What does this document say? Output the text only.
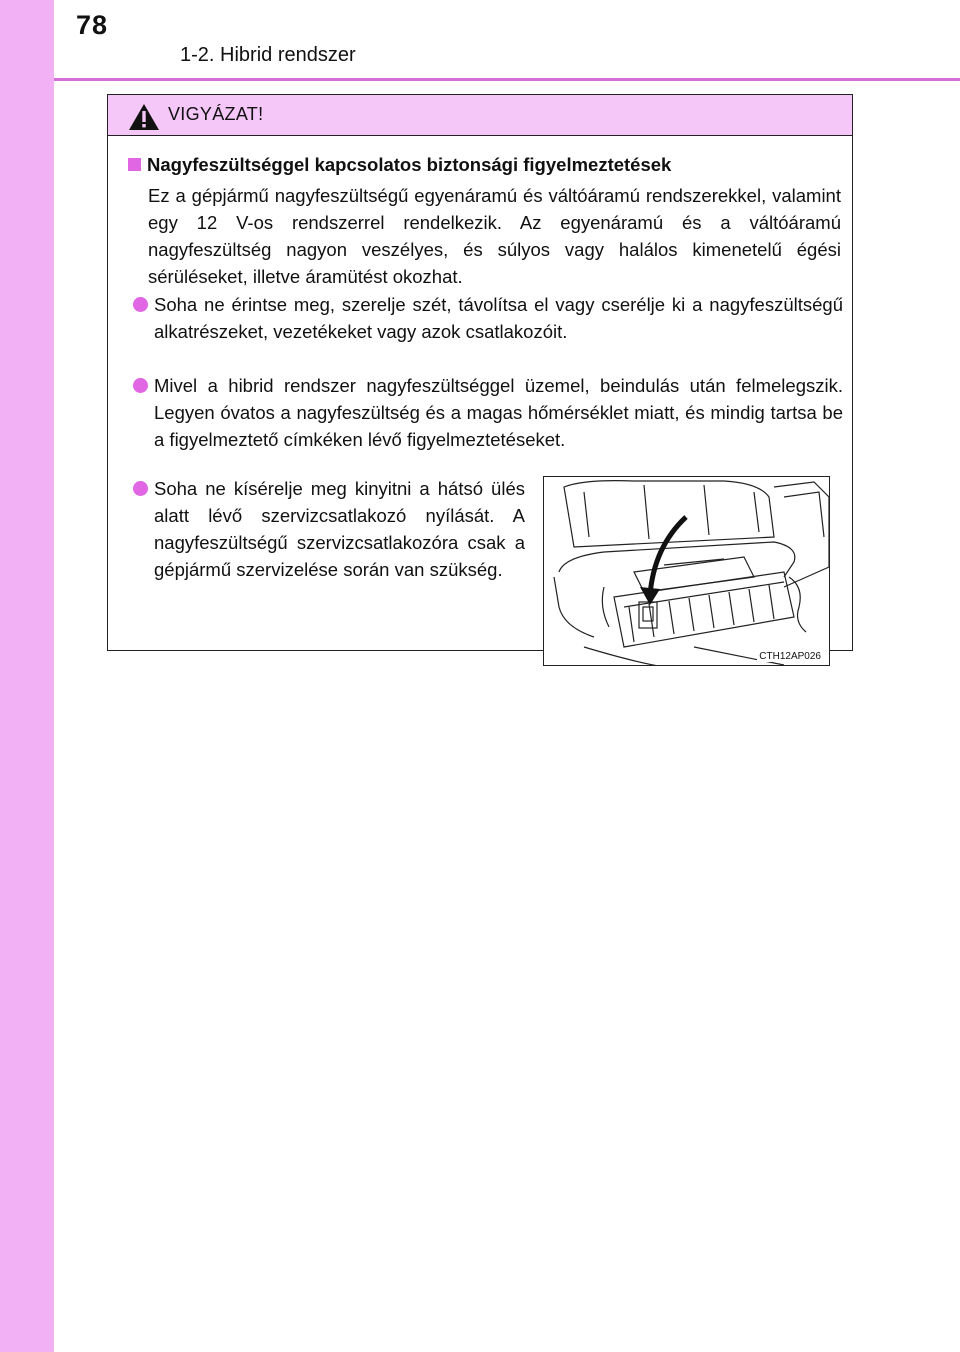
78
1-2. Hibrid rendszer
VIGYÁZAT!
Nagyfeszültséggel kapcsolatos biztonsági figyelmeztetések
Ez a gépjármű nagyfeszültségű egyenáramú és váltóáramú rendszerekkel, valamint egy 12 V-os rendszerrel rendelkezik. Az egyenáramú és a váltóáramú nagyfeszültség nagyon veszélyes, és súlyos vagy halálos kimenetelű égési sérüléseket, illetve áramütést okozhat.
Soha ne érintse meg, szerelje szét, távolítsa el vagy cserélje ki a nagyfeszültségű alkatrészeket, vezetékeket vagy azok csatlakozóit.
Mivel a hibrid rendszer nagyfeszültséggel üzemel, beindulás után felmelegszik. Legyen óvatos a nagyfeszültség és a magas hőmérséklet miatt, és mindig tartsa be a figyelmeztető címkéken lévő figyelmeztetéseket.
Soha ne kísérelje meg kinyitni a hátsó ülés alatt lévő szervizcsatlakozó nyílását. A nagyfeszültségű szervizcsatlakozóra csak a gépjármű szervizelése során van szükség.
CTH12AP026
